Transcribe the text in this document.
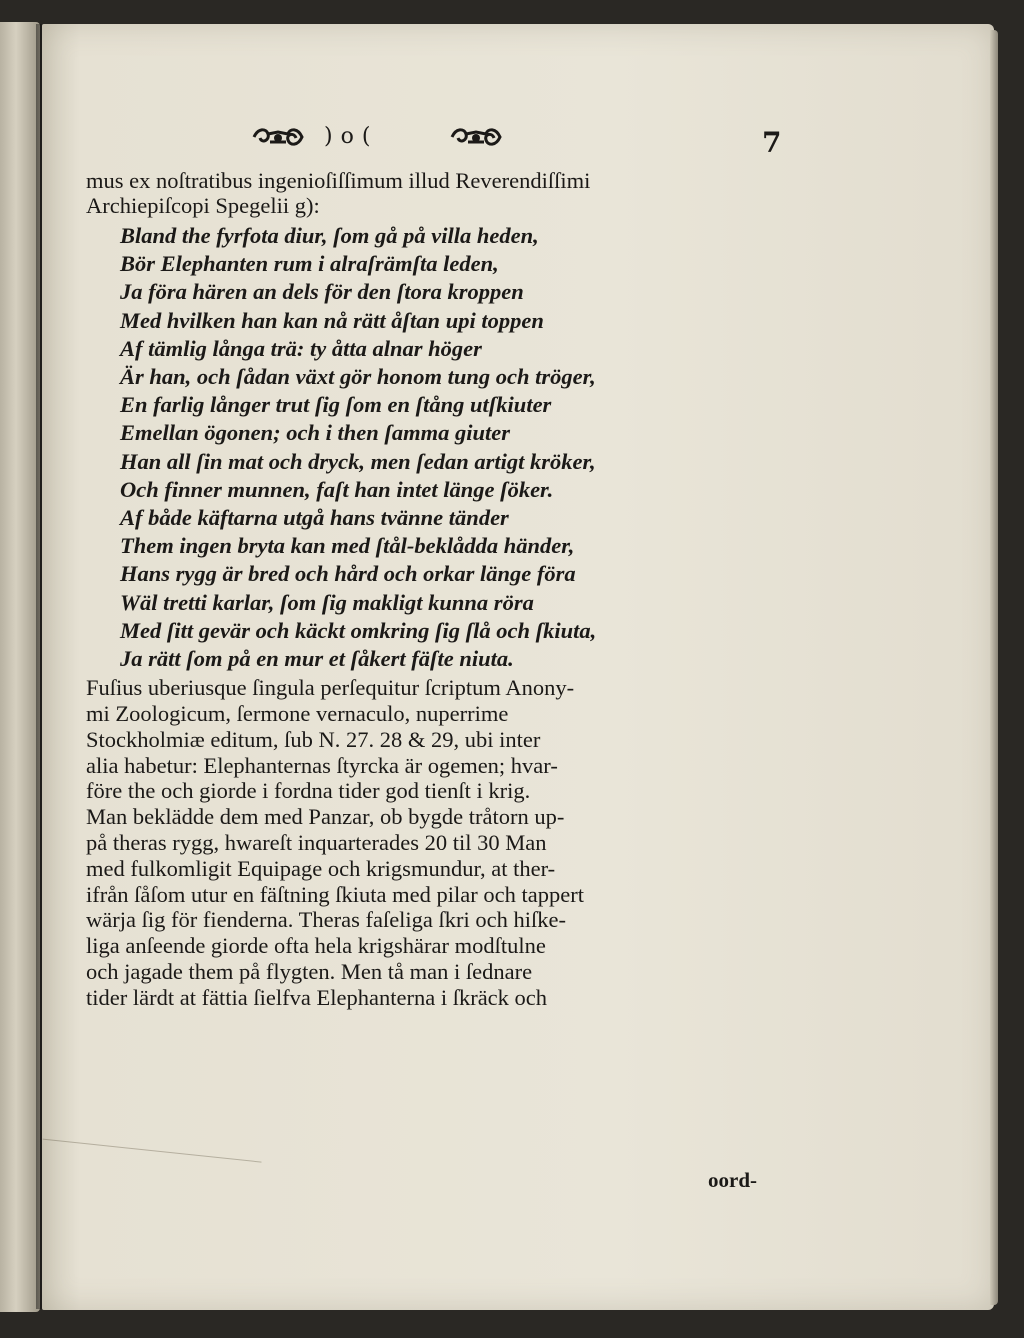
)o(	7
mus ex noſtratibus ingenioſiſſimum illud Reverendiſſimi
Archiepiſcopi Spegelii g):
Bland the fyrfota diur, ſom gå på villa heden,
Bör Elephanten rum i alraſrämſta leden,
Ja föra hären an dels för den ſtora kroppen
Med hvilken han kan nå rätt åſtan upi toppen
Af tämlig långa trä: ty åtta alnar höger
Är han, och ſådan växt gör honom tung och tröger,
En farlig långer trut ſig ſom en ſtång utſkiuter
Emellan ögonen; och i then ſamma giuter
Han all ſin mat och dryck, men ſedan artigt kröker,
Och finner munnen, faſt han intet länge ſöker.
Af både käftarna utgå hans tvänne tänder
Them ingen bryta kan med ſtål-beklådda händer,
Hans rygg är bred och hård och orkar länge föra
Wäl tretti karlar, ſom ſig makligt kunna röra
Med ſitt gevär och käckt omkring ſig ſlå och ſkiuta,
Ja rätt ſom på en mur et ſåkert fäſte niuta.
Fuſius uberiusque ſingula perſequitur ſcriptum Anony-
mi Zoologicum, ſermone vernaculo, nuperrime
Stockholmiæ editum, ſub N. 27. 28 & 29, ubi inter
alia habetur: Elephanternas ſtyrcka är ogemen; hvar-
före the och giorde i fordna tider god tienſt i krig.
Man beklädde dem med Panzar, ob bygde tråtorn up-
på theras rygg, hwareſt inquarterades 20 til 30 Man
med fulkomligit Equipage och krigsmundur, at ther-
ifrån ſåſom utur en fäſtning ſkiuta med pilar och tappert
wärja ſig för fienderna. Theras faſeliga ſkri och hiſke-
liga anſeende giorde ofta hela krigshärar modſtulne
och jagade them på flygten. Men tå man i ſednare
tider lärdt at fättia ſielfva Elephanterna i ſkräck och
oord-
